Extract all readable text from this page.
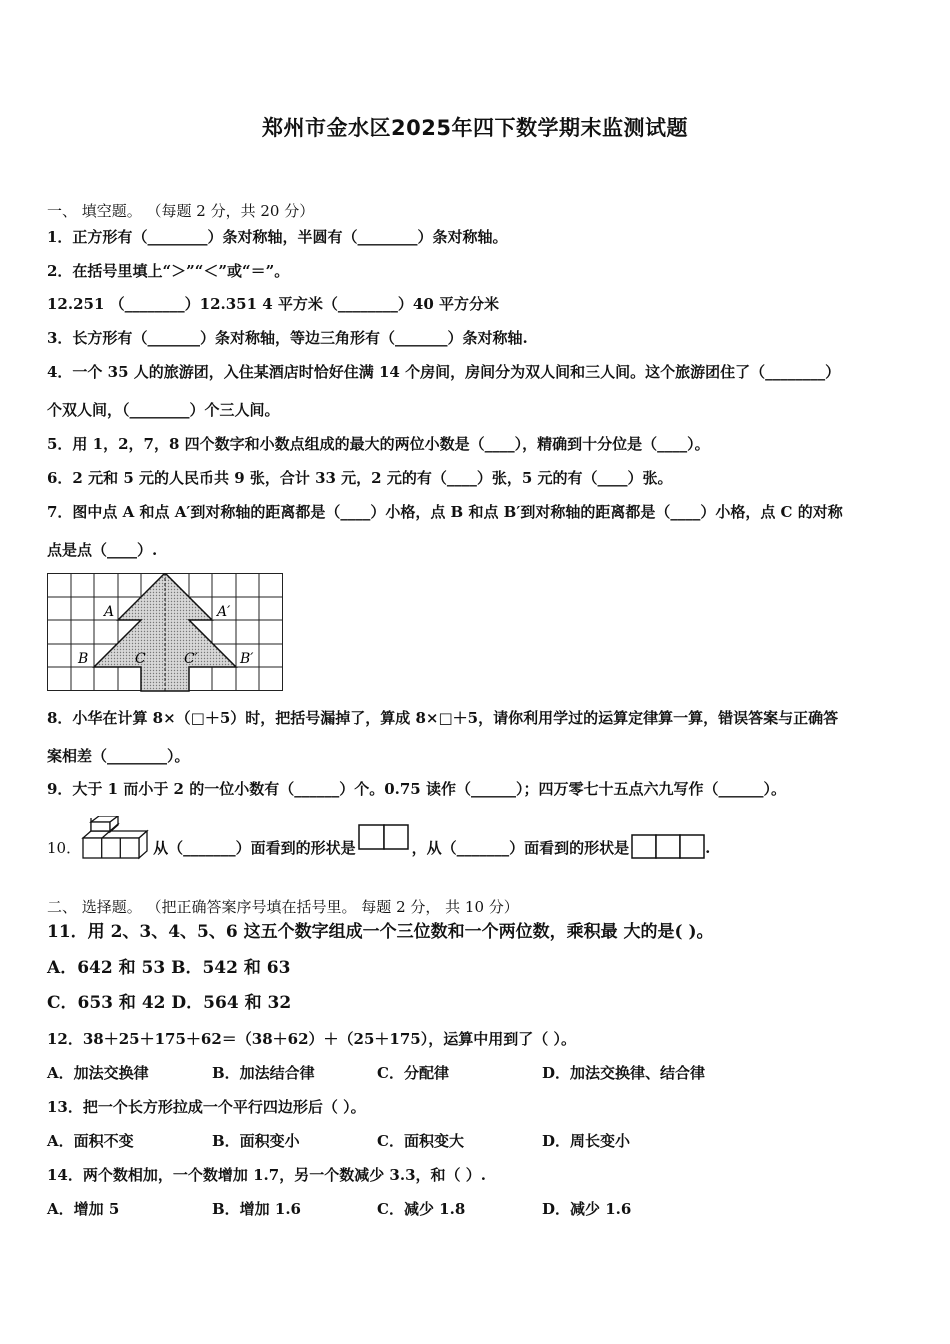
郑州市金水区2025年四下数学期末监测试题
一、 填空题。 （每题 2 分，共 20 分）
1．正方形有（________）条对称轴，半圆有（________）条对称轴。
2．在括号里填上“＞”“＜”或“＝”。
12.251 （________）12.351 4 平方米（________）40 平方分米
3．长方形有（_______）条对称轴，等边三角形有（_______）条对称轴.
4．一个 35 人的旅游团，入住某酒店时恰好住满 14 个房间，房间分为双人间和三人间。这个旅游团住了（________）
个双人间，（________）个三人间。
5．用 1，2，7，8 四个数字和小数点组成的最大的两位小数是（____），精确到十分位是（____）。
6．2 元和 5 元的人民币共 9 张，合计 33 元，2 元的有（____）张，5 元的有（____）张。
7．图中点 A 和点 A′到对称轴的距离都是（____）小格，点 B 和点 B′到对称轴的距离都是（____）小格，点 C 的对称
点是点（____）.
A	A′
B	B′
C	C′
8．小华在计算 8×（□＋5）时，把括号漏掉了，算成 8×□＋5，请你利用学过的运算定律算一算，错误答案与正确答
案相差（________）。
9．大于 1 而小于 2 的一位小数有（______）个。0.75 读作（______）；四万零七十五点六九写作（______）。
10．	从（_______）面看到的形状是	，从（_______）面看到的形状是	.
二、 选择题。 （把正确答案序号填在括号里。 每题 2 分， 共 10 分）
11．用 2、3、4、5、6 这五个数字组成一个三位数和一个两位数，乘积最 大的是( )。
A．642 和 53 B．542 和 63
C．653 和 42 D．564 和 32
12．38＋25＋175＋62＝（38＋62）＋（25＋175），运算中用到了（ ）。
A．加法交换律	B．加法结合律	C．分配律	D．加法交换律、结合律
13．把一个长方形拉成一个平行四边形后（ ）。
A．面积不变	B．面积变小	C．面积变大	D．周长变小
14．两个数相加，一个数增加 1.7，另一个数减少 3.3，和（ ）.
A．增加 5	B．增加 1.6	C．减少 1.8	D．减少 1.6
